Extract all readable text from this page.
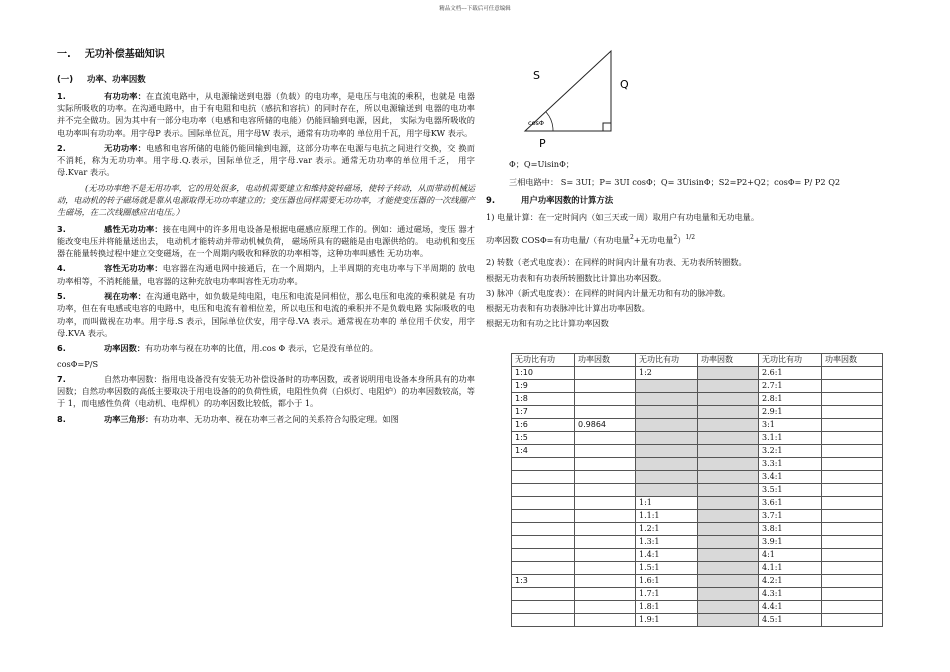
精品文档---下载后可任意编辑
一. 无功补偿基础知识
(一) 功率、功率因数
1.	有功功率：在直流电路中，从电源输送到电器（负载）的电功率，是电压与电流的乘积，也就是 电器实际所吸收的功率。在沟通电路中，由于有电阻和电抗（感抗和容抗）的同时存在，所以电源输送到 电器的电功率并不完全做功。因为其中有一部分电功率（电感和电容所储的电能）仍能回输到电源，因此， 实际为电器所吸收的电功率叫有功功率。用字母P 表示。国际单位瓦，用字母W 表示，通常有功功率的 单位用千瓦，用字母KW 表示。
2.	无功功率：电感和电容所储的电能仍能回输到电源，这部分功率在电源与电抗之间进行交换，交 换而不消耗，称为无功功率。用字母.Q.表示，国际单位乏，用字母.var 表示。通常无功功率的单位用千乏， 用字母.Kvar 表示。
(无功功率绝不是无用功率，它的用处很多，电动机需要建立和维持旋转磁场，使转子转动，从而带动机械运动，电动机的转子磁场就是靠从电源取得无功功率建立的；变压器也同样需要无功功率，才能使变压器的一次线圈产生磁场，在二次线圈感应出电压。）
3.	感性无功功率：接在电网中的许多用电设备是根据电磁感应原理工作的。例如：通过磁场，变压 器才能改变电压并将能量送出去， 电动机才能转动并带动机械负荷， 磁场所具有的磁能是由电源供给的。 电动机和变压器在能量转换过程中建立交变磁场，在一个周期内吸收和释放的功率相等，这种功率叫感性 无功功率。
4.	容性无功功率：电容器在沟通电网中接通后，在一个周期内，上半周期的充电功率与下半周期的 放电功率相等，不消耗能量，电容器的这种充放电功率叫容性无功功率。
5.	视在功率：在沟通电路中，如负载是纯电阻，电压和电流是同相位，那么电压和电流的乘积就是 有功功率，但在有电感或电容的电路中，电压和电流有着相位差，所以电压和电流的乘积并不是负载电路 实际吸收的电功率，而叫做视在功率。用字母.S 表示，国际单位伏安，用字母.VA 表示。通常视在功率的 单位用千伏安，用字母.KVA 表示。
6.	功率因数：有功功率与视在功率的比值，用.cos Φ 表示，它是没有单位的。
cosΦ=P/S
7.	自然功率因数：指用电设备没有安装无功补偿设备时的功率因数，或者说明用电设备本身所具有的功率因数；自然功率因数的高低主要取决于用电设备的的负荷性质，电阻性负荷（白炽灯、电阻炉）的功率因数较高，等于 1，而电感性负荷（电动机、电焊机）的功率因数比较低，都小于 1。
8.	功率三角形：有功功率、无功功率、视在功率三者之间的关系符合勾股定理。如图
S
Q
P
cosΦ
Φ；Q=UisinΦ；
三相电路中： S= 3UI；P= 3UI cosΦ；Q= 3UisinΦ；S2=P2+Q2；cosΦ= P/ P2 Q2
9.	用户功率因数的计算方法
1) 电量计算：在一定时间内（如三天或一周）取用户有功电量和无功电量。
功率因数 COSΦ=有功电量/（有功电量$^2$+无功电量$^2$）$^{1/2}$
2) 转数（老式电度表）：在同样的时间内计量有功表、无功表所转圈数。
根据无功表和有功表所转圈数比计算出功率因数。
3) 脉冲（新式电度表）：在同样的时间内计量无功和有功的脉冲数。
根据无功表和有功表脉冲比计算出功率因数。
根据无功和有功之比计算功率因数
无功比有功	功率因数	无功比有功	功率因数	无功比有功	功率因数
1:10		1:2		2.6:1	
1:9				2.7:1	
1:8				2.8:1	
1:7				2.9:1	
1:6	0.9864			3:1	
1:5				3.1:1	
1:4				3.2:1	
				3.3:1	
				3.4:1	
				3.5:1	
		1:1		3.6:1	
		1.1:1		3.7:1	
		1.2:1		3.8:1	
		1.3:1		3.9:1	
		1.4:1		4:1	
		1.5:1		4.1:1	
1:3		1.6:1		4.2:1	
		1.7:1		4.3:1	
		1.8:1		4.4:1	
		1.9:1		4.5:1	
